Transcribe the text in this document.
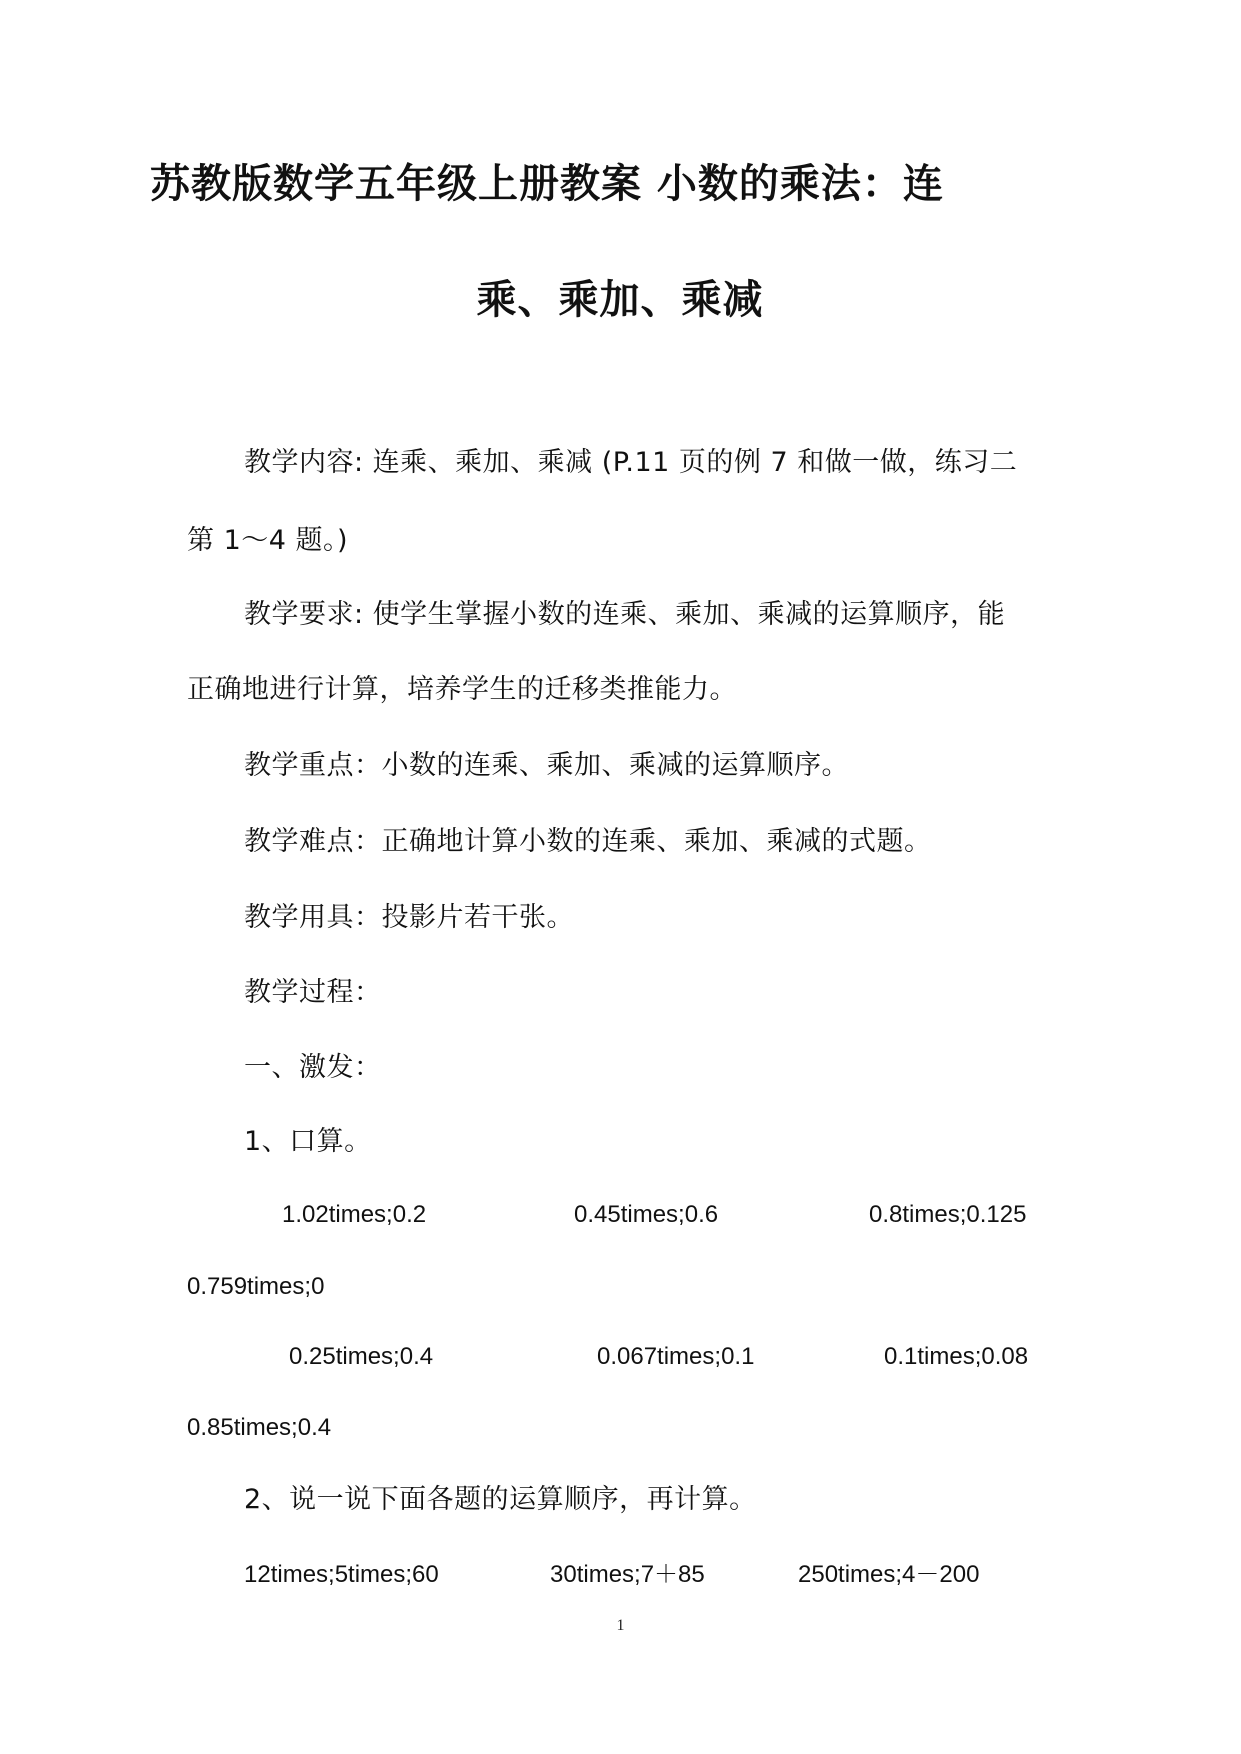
苏教版数学五年级上册教案 小数的乘法：连
乘、乘加、乘减
教学内容: 连乘、乘加、乘减 (P.11 页的例 7 和做一做，练习二
第 1～4 题。)
教学要求: 使学生掌握小数的连乘、乘加、乘减的运算顺序，能
正确地进行计算，培养学生的迁移类推能力。
教学重点：小数的连乘、乘加、乘减的运算顺序。
教学难点：正确地计算小数的连乘、乘加、乘减的式题。
教学用具：投影片若干张。
教学过程：
一、激发：
1、口算。
1.02times;0.2	0.45times;0.6	0.8times;0.125
0.759times;0
0.25times;0.4	0.067times;0.1	0.1times;0.08
0.85times;0.4
2、说一说下面各题的运算顺序，再计算。
12times;5times;60	30times;7＋85	250times;4－200
1
